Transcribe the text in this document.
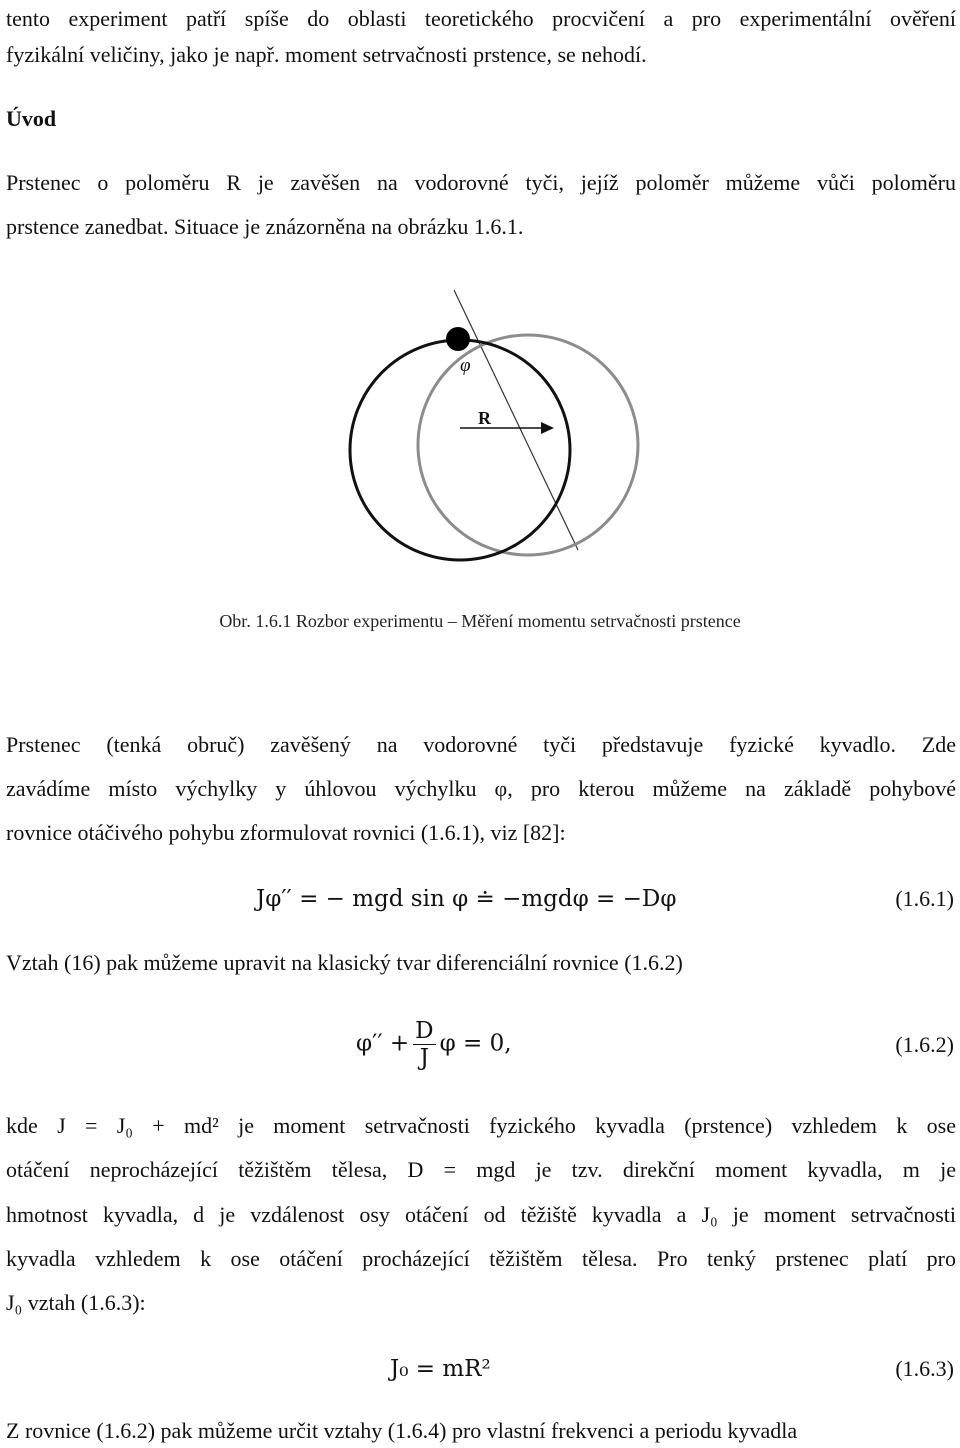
tento experiment patří spíše do oblasti teoretického procvičení a pro experimentální ověření
fyzikální veličiny, jako je např. moment setrvačnosti prstence, se nehodí.
Úvod
Prstenec o poloměru R je zavěšen na vodorovné tyči, jejíž poloměr můžeme vůči poloměru
prstence zanedbat. Situace je znázorněna na obrázku 1.6.1.
φ
R
Obr. 1.6.1 Rozbor experimentu – Měření momentu setrvačnosti prstence
Prstenec (tenká obruč) zavěšený na vodorovné tyči představuje fyzické kyvadlo. Zde
zavádíme místo výchylky y úhlovou výchylku φ, pro kterou můžeme na základě pohybové
rovnice otáčivého pohybu zformulovat rovnici (1.6.1), viz [82]:
Jφ′′ = − mgd sin φ ≐ −mgdφ = −Dφ	(1.6.1)
Vztah (16) pak můžeme upravit na klasický tvar diferenciální rovnice (1.6.2)
$\varphi'' + \frac{D}{J}$ φ = 0,	(1.6.2)
kde J = J₀ + md² je moment setrvačnosti fyzického kyvadla (prstence) vzhledem k ose
otáčení neprocházející těžištěm tělesa, D = mgd je tzv. direkční moment kyvadla, m je
hmotnost kyvadla, d je vzdálenost osy otáčení od těžiště kyvadla a J₀ je moment setrvačnosti
kyvadla vzhledem k ose otáčení procházející těžištěm tělesa. Pro tenký prstenec platí pro
J₀ vztah (1.6.3):
J₀ = mR²	(1.6.3)
Z rovnice (1.6.2) pak můžeme určit vztahy (1.6.4) pro vlastní frekvenci a periodu kyvadla
